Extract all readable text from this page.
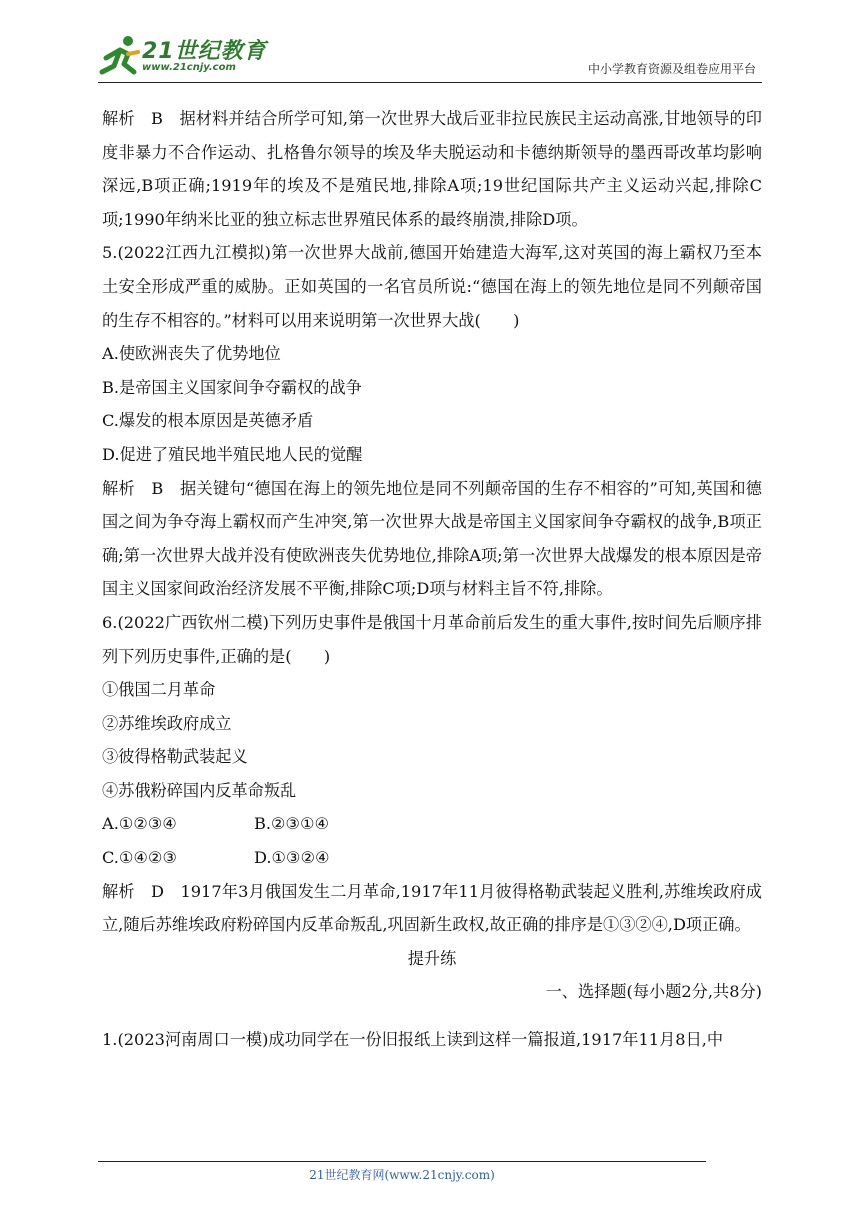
21世纪教育
www.21cnjy.com	中小学教育资源及组卷应用平台

解析　B　据材料并结合所学可知,第一次世界大战后亚非拉民族民主运动高涨,甘地领导的印度非暴力不合作运动、扎格鲁尔领导的埃及华夫脱运动和卡德纳斯领导的墨西哥改革均影响深远,B项正确;1919年的埃及不是殖民地,排除A项;19世纪国际共产主义运动兴起,排除C项;1990年纳米比亚的独立标志世界殖民体系的最终崩溃,排除D项。

5.(2022江西九江模拟)第一次世界大战前,德国开始建造大海军,这对英国的海上霸权乃至本土安全形成严重的威胁。正如英国的一名官员所说:“德国在海上的领先地位是同不列颠帝国的生存不相容的。”材料可以用来说明第一次世界大战(　　)

A.使欧洲丧失了优势地位

B.是帝国主义国家间争夺霸权的战争

C.爆发的根本原因是英德矛盾

D.促进了殖民地半殖民地人民的觉醒

解析　B　据关键句“德国在海上的领先地位是同不列颠帝国的生存不相容的”可知,英国和德国之间为争夺海上霸权而产生冲突,第一次世界大战是帝国主义国家间争夺霸权的战争,B项正确;第一次世界大战并没有使欧洲丧失优势地位,排除A项;第一次世界大战爆发的根本原因是帝国主义国家间政治经济发展不平衡,排除C项;D项与材料主旨不符,排除。

6.(2022广西钦州二模)下列历史事件是俄国十月革命前后发生的重大事件,按时间先后顺序排列下列历史事件,正确的是(　　)

①俄国二月革命

②苏维埃政府成立

③彼得格勒武装起义

④苏俄粉碎国内反革命叛乱

A.①②③④	B.②③①④
C.①④②③	D.①③②④

解析　D　1917年3月俄国发生二月革命,1917年11月彼得格勒武装起义胜利,苏维埃政府成立,随后苏维埃政府粉碎国内反革命叛乱,巩固新生政权,故正确的排序是①③②④,D项正确。

提升练

一、选择题(每小题2分,共8分)

1.(2023河南周口一模)成功同学在一份旧报纸上读到这样一篇报道,1917年11月8日,中

21世纪教育网(www.21cnjy.com)
